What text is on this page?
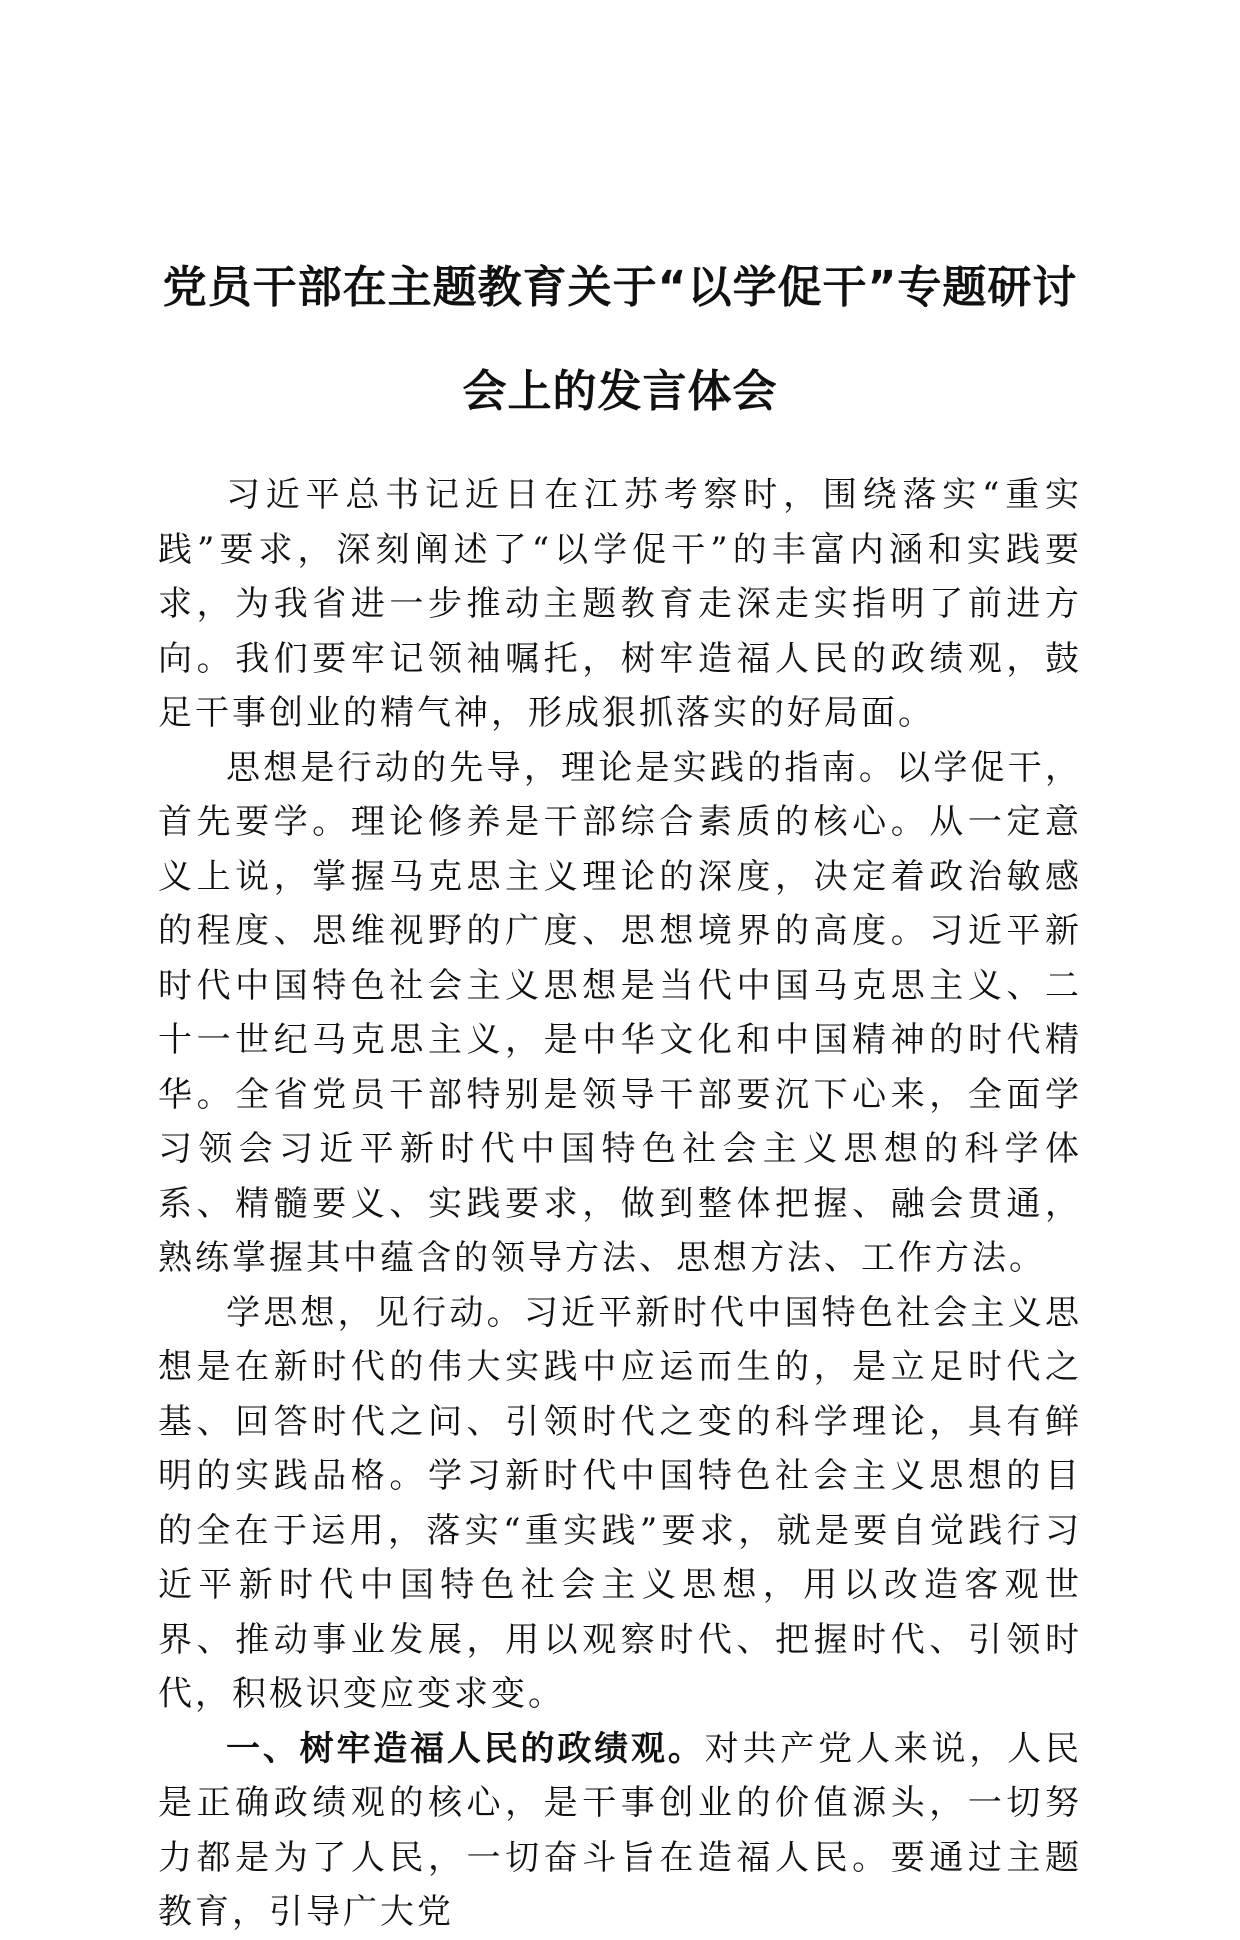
党员干部在主题教育关于“以学促干”专题研讨会上的发言体会

习近平总书记近日在江苏考察时，围绕落实“重实践”要求，深刻阐述了“以学促干”的丰富内涵和实践要求，为我省进一步推动主题教育走深走实指明了前进方向。我们要牢记领袖嘱托，树牢造福人民的政绩观，鼓足干事创业的精气神，形成狠抓落实的好局面。

思想是行动的先导，理论是实践的指南。以学促干，首先要学。理论修养是干部综合素质的核心。从一定意义上说，掌握马克思主义理论的深度，决定着政治敏感的程度、思维视野的广度、思想境界的高度。习近平新时代中国特色社会主义思想是当代中国马克思主义、二十一世纪马克思主义，是中华文化和中国精神的时代精华。全省党员干部特别是领导干部要沉下心来，全面学习领会习近平新时代中国特色社会主义思想的科学体系、精髓要义、实践要求，做到整体把握、融会贯通，熟练掌握其中蕴含的领导方法、思想方法、工作方法。

学思想，见行动。习近平新时代中国特色社会主义思想是在新时代的伟大实践中应运而生的，是立足时代之基、回答时代之问、引领时代之变的科学理论，具有鲜明的实践品格。学习新时代中国特色社会主义思想的目的全在于运用，落实“重实践”要求，就是要自觉践行习近平新时代中国特色社会主义思想，用以改造客观世界、推动事业发展，用以观察时代、把握时代、引领时代，积极识变应变求变。

一、树牢造福人民的政绩观。对共产党人来说，人民是正确政绩观的核心，是干事创业的价值源头，一切努力都是为了人民，一切奋斗旨在造福人民。要通过主题教育，引导广大党
